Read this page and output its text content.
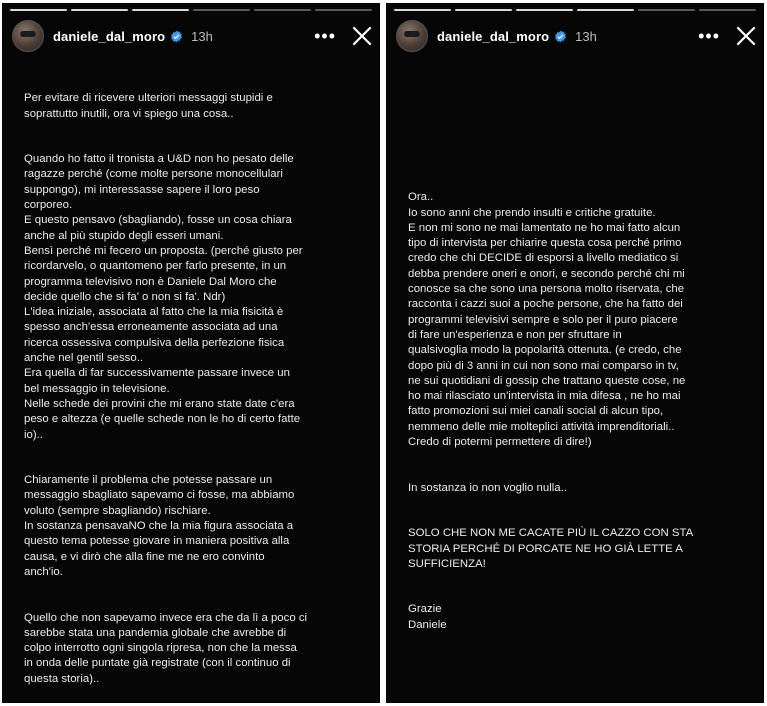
daniele_dal_moro 13h	•••

Per evitare di ricevere ulteriori messaggi stupidi e
soprattutto inutili, ora vi spiego una cosa..

Quando ho fatto il tronista a U&D non ho pesato delle
ragazze perché (come molte persone monocellulari
suppongo), mi interessasse sapere il loro peso
corporeo.
E questo pensavo (sbagliando), fosse un cosa chiara
anche al più stupido degli esseri umani.
Bensì perché mi fecero un proposta. (perché giusto per
ricordarvelo, o quantomeno per farlo presente, in un
programma televisivo non è Daniele Dal Moro che
decide quello che si fa' o non si fa'. Ndr)
L'idea iniziale, associata al fatto che la mia fisicità è
spesso anch'essa erroneamente associata ad una
ricerca ossessiva compulsiva della perfezione fisica
anche nel gentil sesso..
Era quella di far successivamente passare invece un
bel messaggio in televisione.
Nelle schede dei provini che mi erano state date c'era
peso e altezza (e quelle schede non le ho di certo fatte
io)..

Chiaramente il problema che potesse passare un
messaggio sbagliato sapevamo ci fosse, ma abbiamo
voluto (sempre sbagliando) rischiare.
In sostanza pensavaNO che la mia figura associata a
questo tema potesse giovare in maniera positiva alla
causa, e vi dirò che alla fine me ne ero convinto
anch'io.

Quello che non sapevamo invece era che da lì a poco ci
sarebbe stata una pandemia globale che avrebbe di
colpo interrotto ogni singola ripresa, non che la messa
in onda delle puntate già registrate (con il continuo di
questa storia)..

daniele_dal_moro 13h	•••

Ora..
Io sono anni che prendo insulti e critiche gratuite.
E non mi sono ne mai lamentato ne ho mai fatto alcun
tipo di intervista per chiarire questa cosa perché primo
credo che chi DECIDE di esporsi a livello mediatico si
debba prendere oneri e onori, e secondo perché chi mi
conosce sa che sono una persona molto riservata, che
racconta i cazzi suoi a poche persone, che ha fatto dei
programmi televisivi sempre e solo per il puro piacere
di fare un'esperienza e non per sfruttare in
qualsivoglia modo la popolarità ottenuta. (e credo, che
dopo più di 3 anni in cui non sono mai comparso in tv,
ne sui quotidiani di gossip che trattano queste cose, ne
ho mai rilasciato un'intervista in mia difesa , ne ho mai
fatto promozioni sui miei canali social di alcun tipo,
nemmeno delle mie molteplici attività imprenditoriali..
Credo di potermi permettere di dire!)

In sostanza io non voglio nulla..

SOLO CHE NON ME CACATE PIÙ IL CAZZO CON STA
STORIA PERCHÉ DI PORCATE NE HO GIÀ LETTE A
SUFFICIENZA!

Grazie
Daniele
